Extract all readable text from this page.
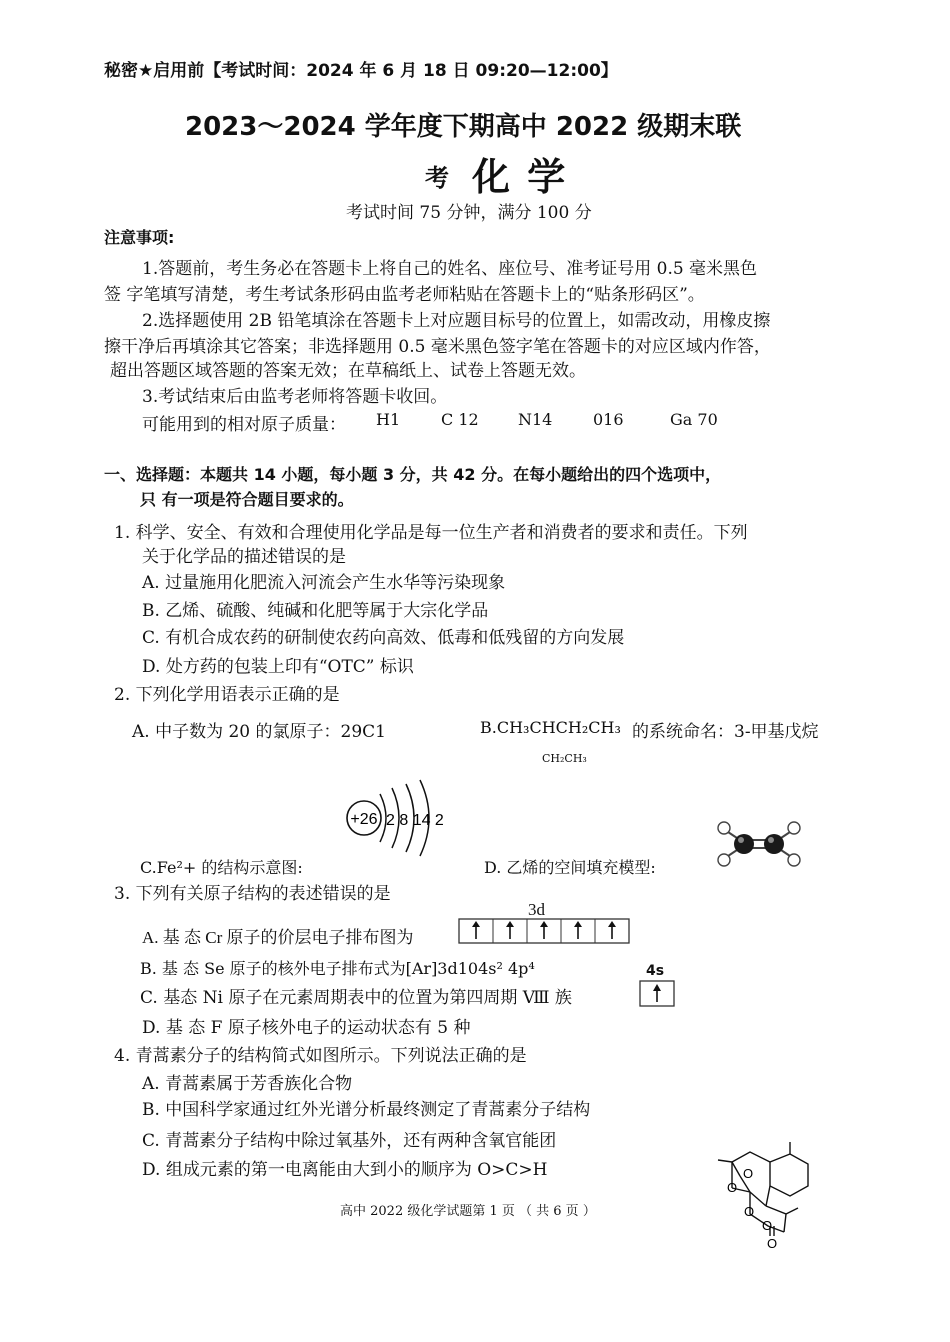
秘密★启用前【考试时间：2024 年 6 月 18 日 09:20—12:00】
2023～2024 学年度下期高中 2022 级期末联
考 化 学
考试时间 75 分钟，满分 100 分
注意事项:
1.答题前，考生务必在答题卡上将自己的姓名、座位号、准考证号用 0.5 毫米黑色
签 字笔填写清楚，考生考试条形码由监考老师粘贴在答题卡上的“贴条形码区”。
2.选择题使用 2B 铅笔填涂在答题卡上对应题目标号的位置上，如需改动，用橡皮擦
擦干净后再填涂其它答案；非选择题用 0.5 毫米黑色签字笔在答题卡的对应区域内作答，
超出答题区域答题的答案无效；在草稿纸上、试卷上答题无效。
3.考试结束后由监考老师将答题卡收回。
可能用到的相对原子质量： H1	C 12 N14	016	Ga 70
一、选择题：本题共 14 小题，每小题 3 分，共 42 分。在每小题给出的四个选项中，
只 有一项是符合题目要求的。
1. 科学、安全、有效和合理使用化学品是每一位生产者和消费者的要求和责任。下列
关于化学品的描述错误的是
A. 过量施用化肥流入河流会产生水华等污染现象
B. 乙烯、硫酸、纯碱和化肥等属于大宗化学品
C. 有机合成农药的研制使农药向高效、低毒和低残留的方向发展
D. 处方药的包装上印有“OTC” 标识
2. 下列化学用语表示正确的是
A. 中子数为 20 的氯原子：29C1	B.CH₃CHCH₂CH₃ 的系统命名：3-甲基戊烷
CH₂CH₃
+26 2 8 14 2
C.Fe²+ 的结构示意图:	D. 乙烯的空间填充模型:
3. 下列有关原子结构的表述错误的是
3d
A. 基 态 Cr 原子的价层电子排布图为
4s
B. 基 态 Se 原子的核外电子排布式为[Ar]3d104s² 4p⁴
C. 基态 Ni 原子在元素周期表中的位置为第四周期 Ⅷ 族
D. 基 态 F 原子核外电子的运动状态有 5 种
4. 青蒿素分子的结构简式如图所示。下列说法正确的是
A. 青蒿素属于芳香族化合物
B. 中国科学家通过红外光谱分析最终测定了青蒿素分子结构
C. 青蒿素分子结构中除过氧基外，还有两种含氧官能团
D. 组成元素的第一电离能由大到小的顺序为 O>C>H	O
O
O
O
O
高中 2022 级化学试题第 1 页 （ 共 6 页 ）
